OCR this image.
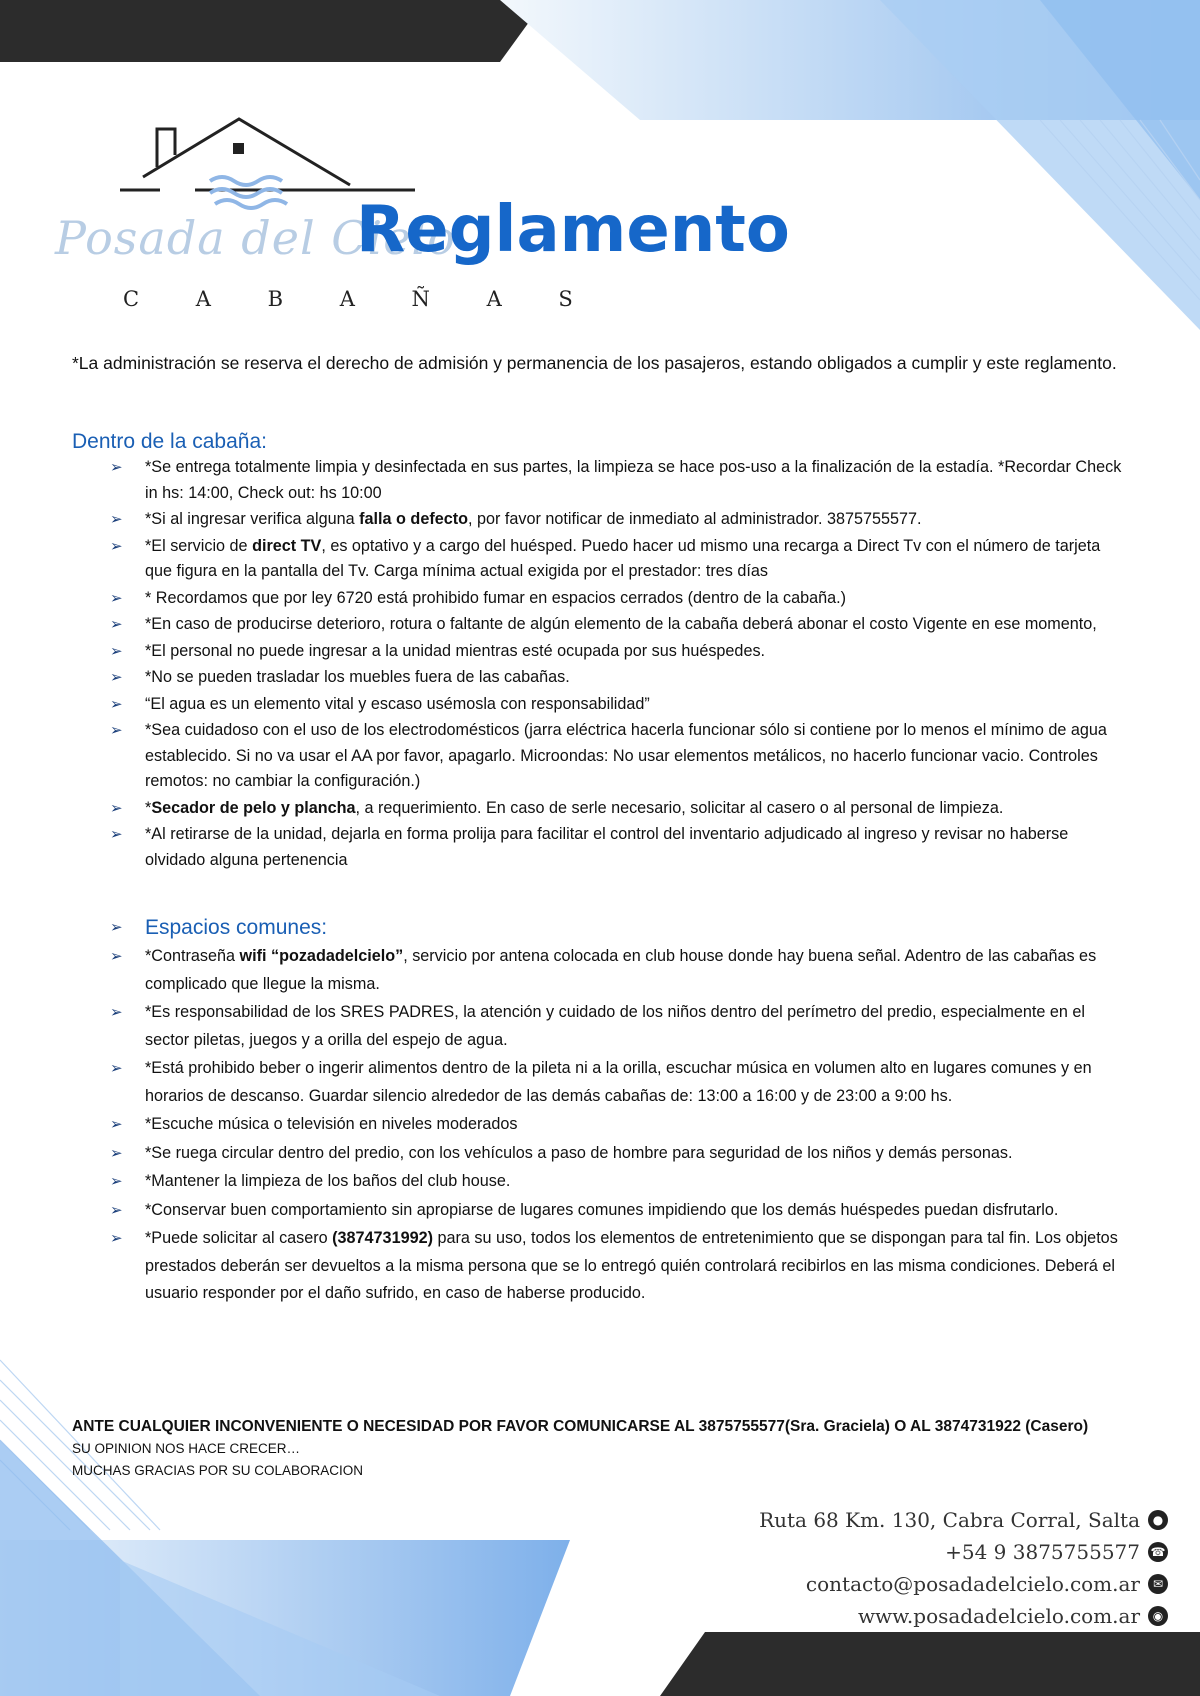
Posada del Cielo
C A B A Ñ A S
Reglamento

*La administración se reserva el derecho de admisión y permanencia de los pasajeros, estando obligados a cumplir y este reglamento.

Dentro de la cabaña:
➢ *Se entrega totalmente limpia y desinfectada en sus partes, la limpieza se hace pos-uso a la finalización de la estadía. *Recordar Check in hs: 14:00, Check out: hs 10:00
➢ *Si al ingresar verifica alguna falla o defecto, por favor notificar de inmediato al administrador. 3875755577.
➢ *El servicio de direct TV, es optativo y a cargo del huésped. Puedo hacer ud mismo una recarga a Direct Tv con el número de tarjeta que figura en la pantalla del Tv. Carga mínima actual exigida por el prestador: tres días
➢ * Recordamos que por ley 6720 está prohibido fumar en espacios cerrados (dentro de la cabaña.)
➢ *En caso de producirse deterioro, rotura o faltante de algún elemento de la cabaña deberá abonar el costo Vigente en ese momento,
➢ *El personal no puede ingresar a la unidad mientras esté ocupada por sus huéspedes.
➢ *No se pueden trasladar los muebles fuera de las cabañas.
➢ “El agua es un elemento vital y escaso usémosla con responsabilidad”
➢ *Sea cuidadoso con el uso de los electrodomésticos (jarra eléctrica hacerla funcionar sólo si contiene por lo menos el mínimo de agua establecido. Si no va usar el AA por favor, apagarlo. Microondas: No usar elementos metálicos, no hacerlo funcionar vacio. Controles remotos: no cambiar la configuración.)
➢ *Secador de pelo y plancha, a requerimiento. En caso de serle necesario, solicitar al casero o al personal de limpieza.
➢ *Al retirarse de la unidad, dejarla en forma prolija para facilitar el control del inventario adjudicado al ingreso y revisar no haberse olvidado alguna pertenencia
➢ Espacios comunes:
➢ *Contraseña wifi “pozadadelcielo”, servicio por antena colocada en club house donde hay buena señal. Adentro de las cabañas es complicado que llegue la misma.
➢ *Es responsabilidad de los SRES PADRES, la atención y cuidado de los niños dentro del perímetro del predio, especialmente en el sector piletas, juegos y a orilla del espejo de agua.
➢ *Está prohibido beber o ingerir alimentos dentro de la pileta ni a la orilla, escuchar música en volumen alto en lugares comunes y en horarios de descanso. Guardar silencio alrededor de las demás cabañas de: 13:00 a 16:00 y de 23:00 a 9:00 hs.
➢ *Escuche música o televisión en niveles moderados
➢ *Se ruega circular dentro del predio, con los vehículos a paso de hombre para seguridad de los niños y demás personas.
➢ *Mantener la limpieza de los baños del club house.
➢ *Conservar buen comportamiento sin apropiarse de lugares comunes impidiendo que los demás huéspedes puedan disfrutarlo.
➢ *Puede solicitar al casero (3874731992) para su uso, todos los elementos de entretenimiento que se dispongan para tal fin. Los objetos prestados deberán ser devueltos a la misma persona que se lo entregó quién controlará recibirlos en las misma condiciones. Deberá el usuario responder por el daño sufrido, en caso de haberse producido.
ANTE CUALQUIER INCONVENIENTE O NECESIDAD POR FAVOR COMUNICARSE AL 3875755577(Sra. Graciela) O AL 3874731922 (Casero)
SU OPINION NOS HACE CRECER…
MUCHAS GRACIAS POR SU COLABORACION
Ruta 68 Km. 130, Cabra Corral, Salta	●
+54 9 3875755577 ☎
contacto@posadadelcielo.com.ar	✉
www.posadadelcielo.com.ar	◉
